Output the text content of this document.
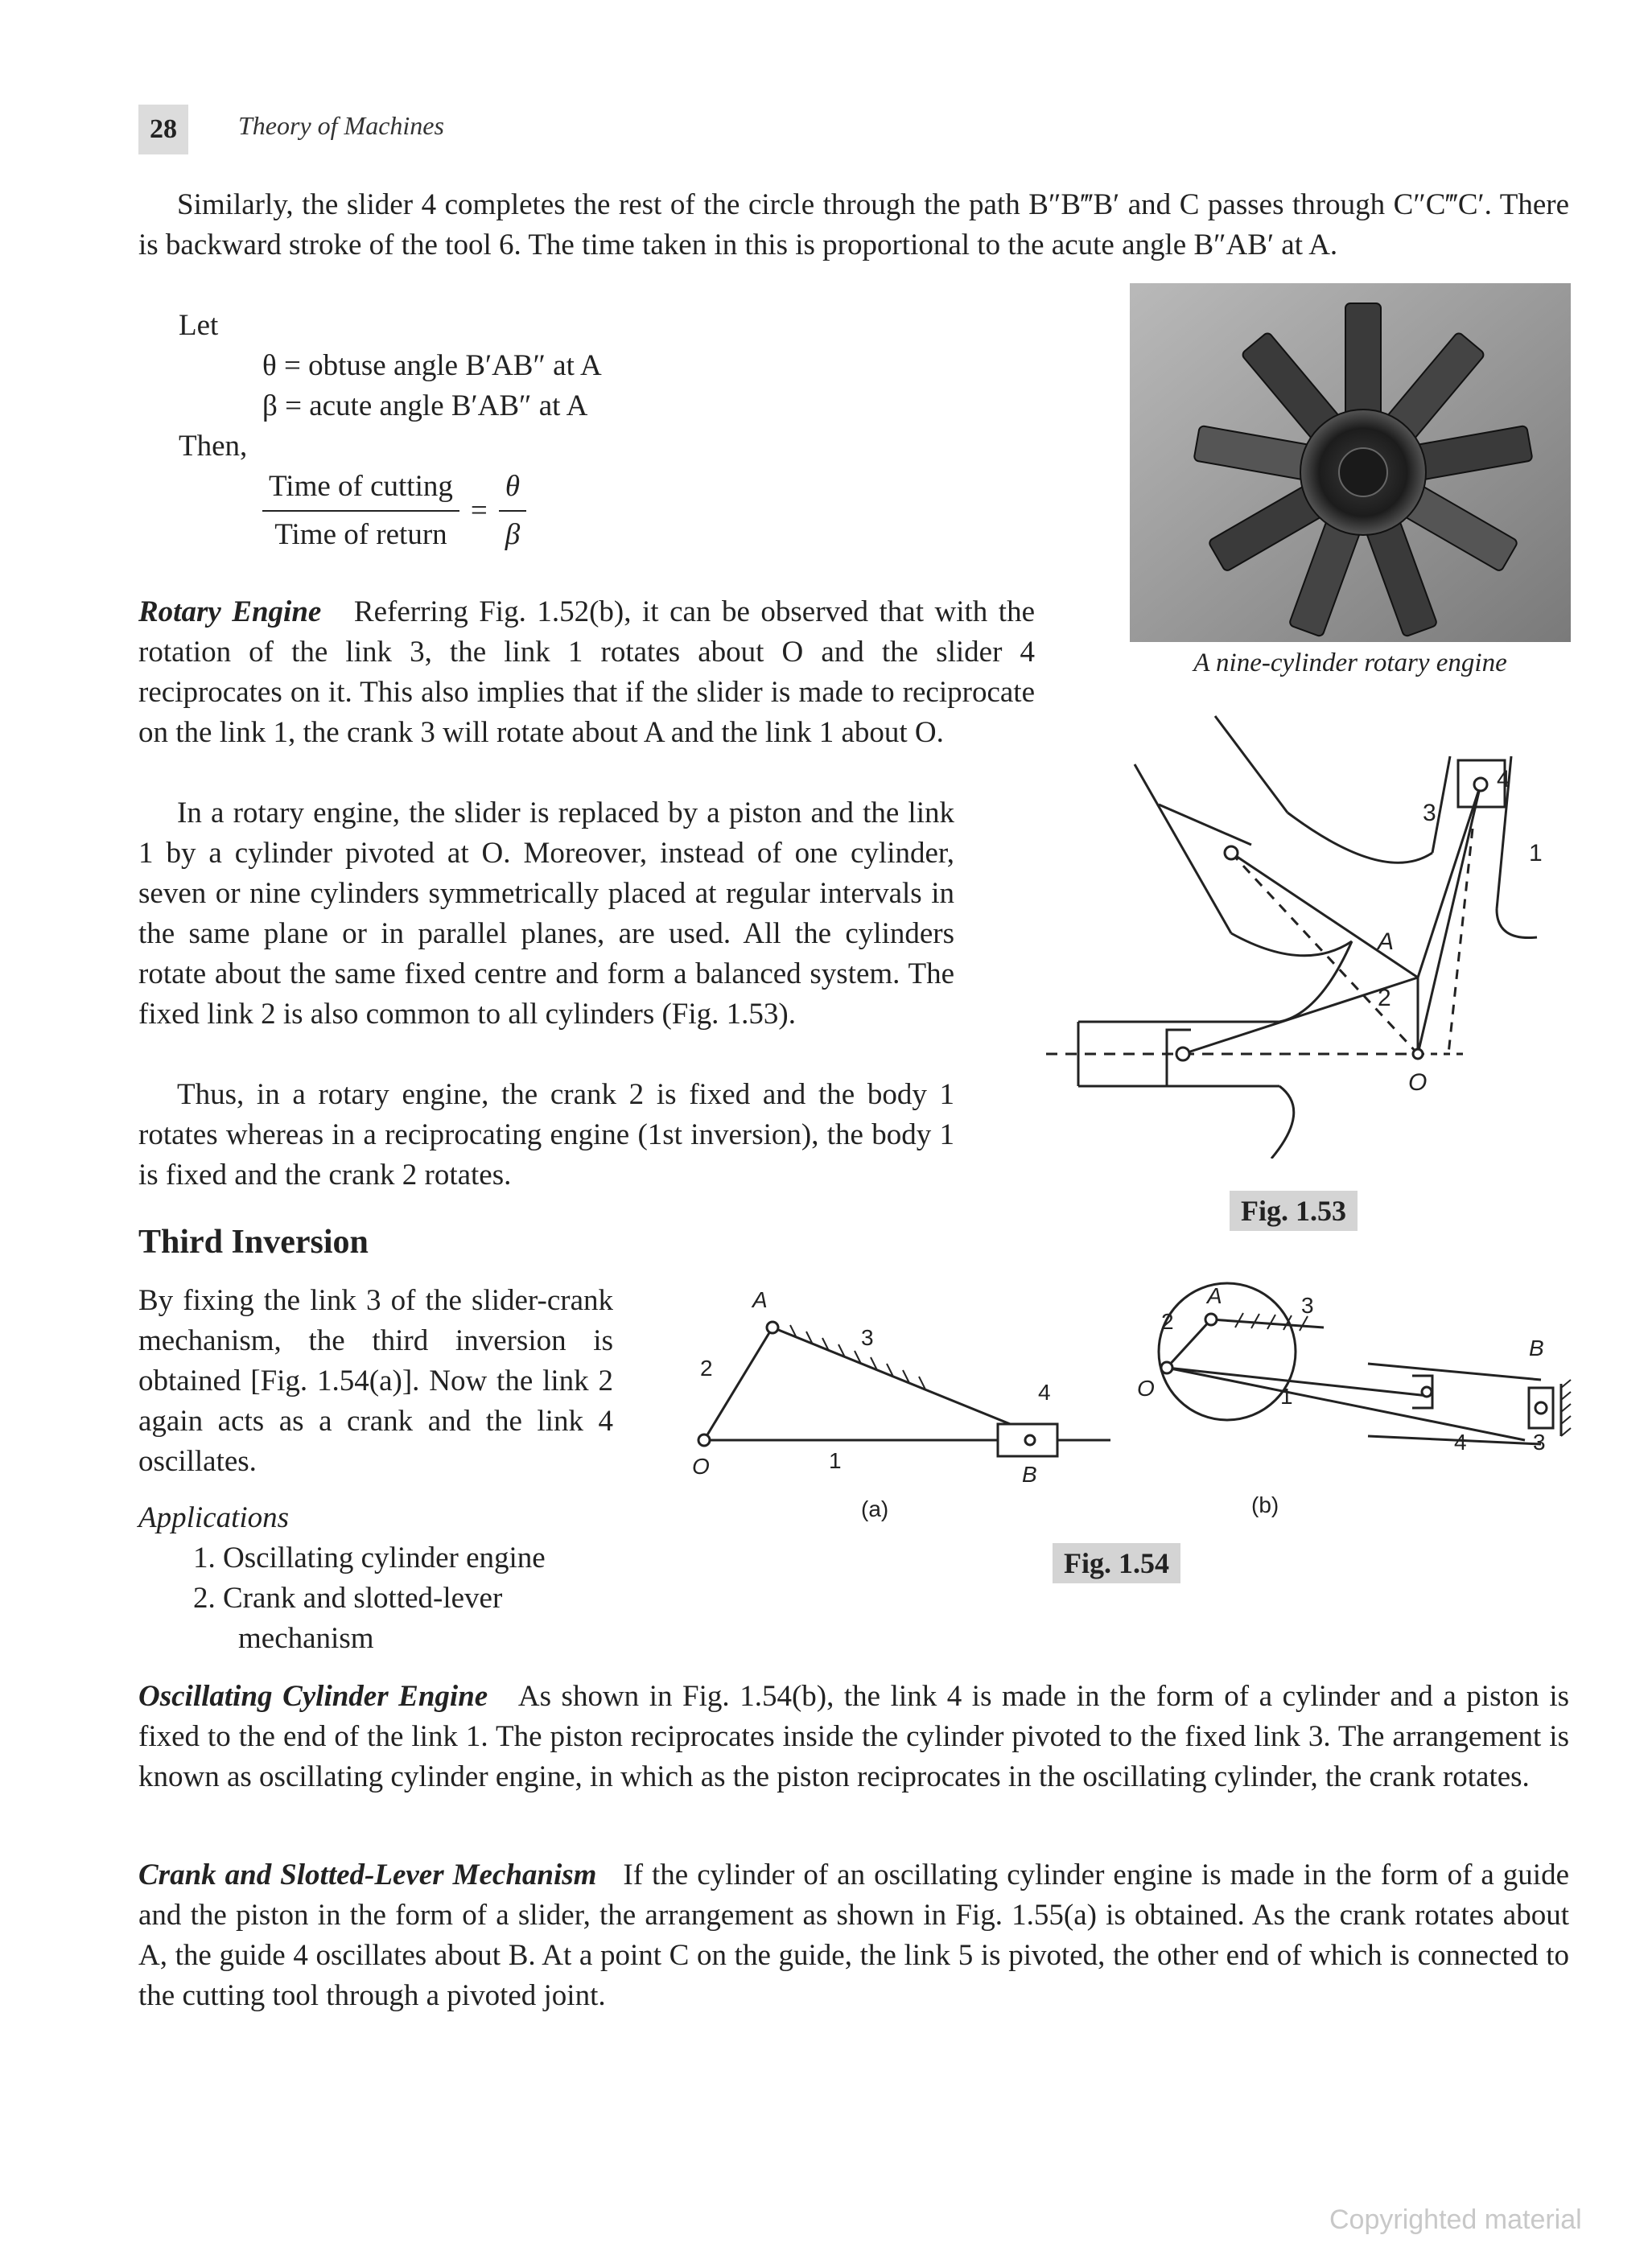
28	Theory of Machines
Similarly, the slider 4 completes the rest of the circle through the path B″B‴B′ and C passes through C″C‴C′. There is backward stroke of the tool 6. The time taken in this is proportional to the acute angle B″AB′ at A.
Let
θ = obtuse angle B′AB″ at A
β = acute angle B′AB″ at A
Then,
$\frac{\text{Time of cutting}}{\text{Time of return}} = \frac{\theta}{\beta}$
A nine-cylinder rotary engine
Rotary Engine Referring Fig. 1.52(b), it can be observed that with the rotation of the link 3, the link 1 rotates about O and the slider 4 reciprocates on it. This also implies that if the slider is made to reciprocate on the link 1, the crank 3 will rotate about A and the link 1 about O.
In a rotary engine, the slider is replaced by a piston and the link 1 by a cylinder pivoted at O. Moreover, instead of one cylinder, seven or nine cylinders symmetrically placed at regular intervals in the same plane or in parallel planes, are used. All the cylinders rotate about the same fixed centre and form a balanced system. The fixed link 2 is also common to all cylinders (Fig. 1.53).
Thus, in a rotary engine, the crank 2 is fixed and the body 1 rotates whereas in a reciprocating engine (1st inversion), the body 1 is fixed and the crank 2 rotates.
4
3
1
A
2
O
Fig. 1.53
Third Inversion
By fixing the link 3 of the slider-crank mechanism, the third inversion is obtained [Fig. 1.54(a)]. Now the link 2 again acts as a crank and the link 4 oscillates.
Applications
1. Oscillating cylinder engine
2. Crank and slotted-lever
mechanism
A
3
2
4
O	1
B
(a)
A	3
2
B
O	1
4	3
(b)
Fig. 1.54
Oscillating Cylinder Engine As shown in Fig. 1.54(b), the link 4 is made in the form of a cylinder and a piston is fixed to the end of the link 1. The piston reciprocates inside the cylinder pivoted to the fixed link 3. The arrangement is known as oscillating cylinder engine, in which as the piston reciprocates in the oscillating cylinder, the crank rotates.
Crank and Slotted-Lever Mechanism If the cylinder of an oscillating cylinder engine is made in the form of a guide and the piston in the form of a slider, the arrangement as shown in Fig. 1.55(a) is obtained. As the crank rotates about A, the guide 4 oscillates about B. At a point C on the guide, the link 5 is pivoted, the other end of which is connected to the cutting tool through a pivoted joint.
Copyrighted material
